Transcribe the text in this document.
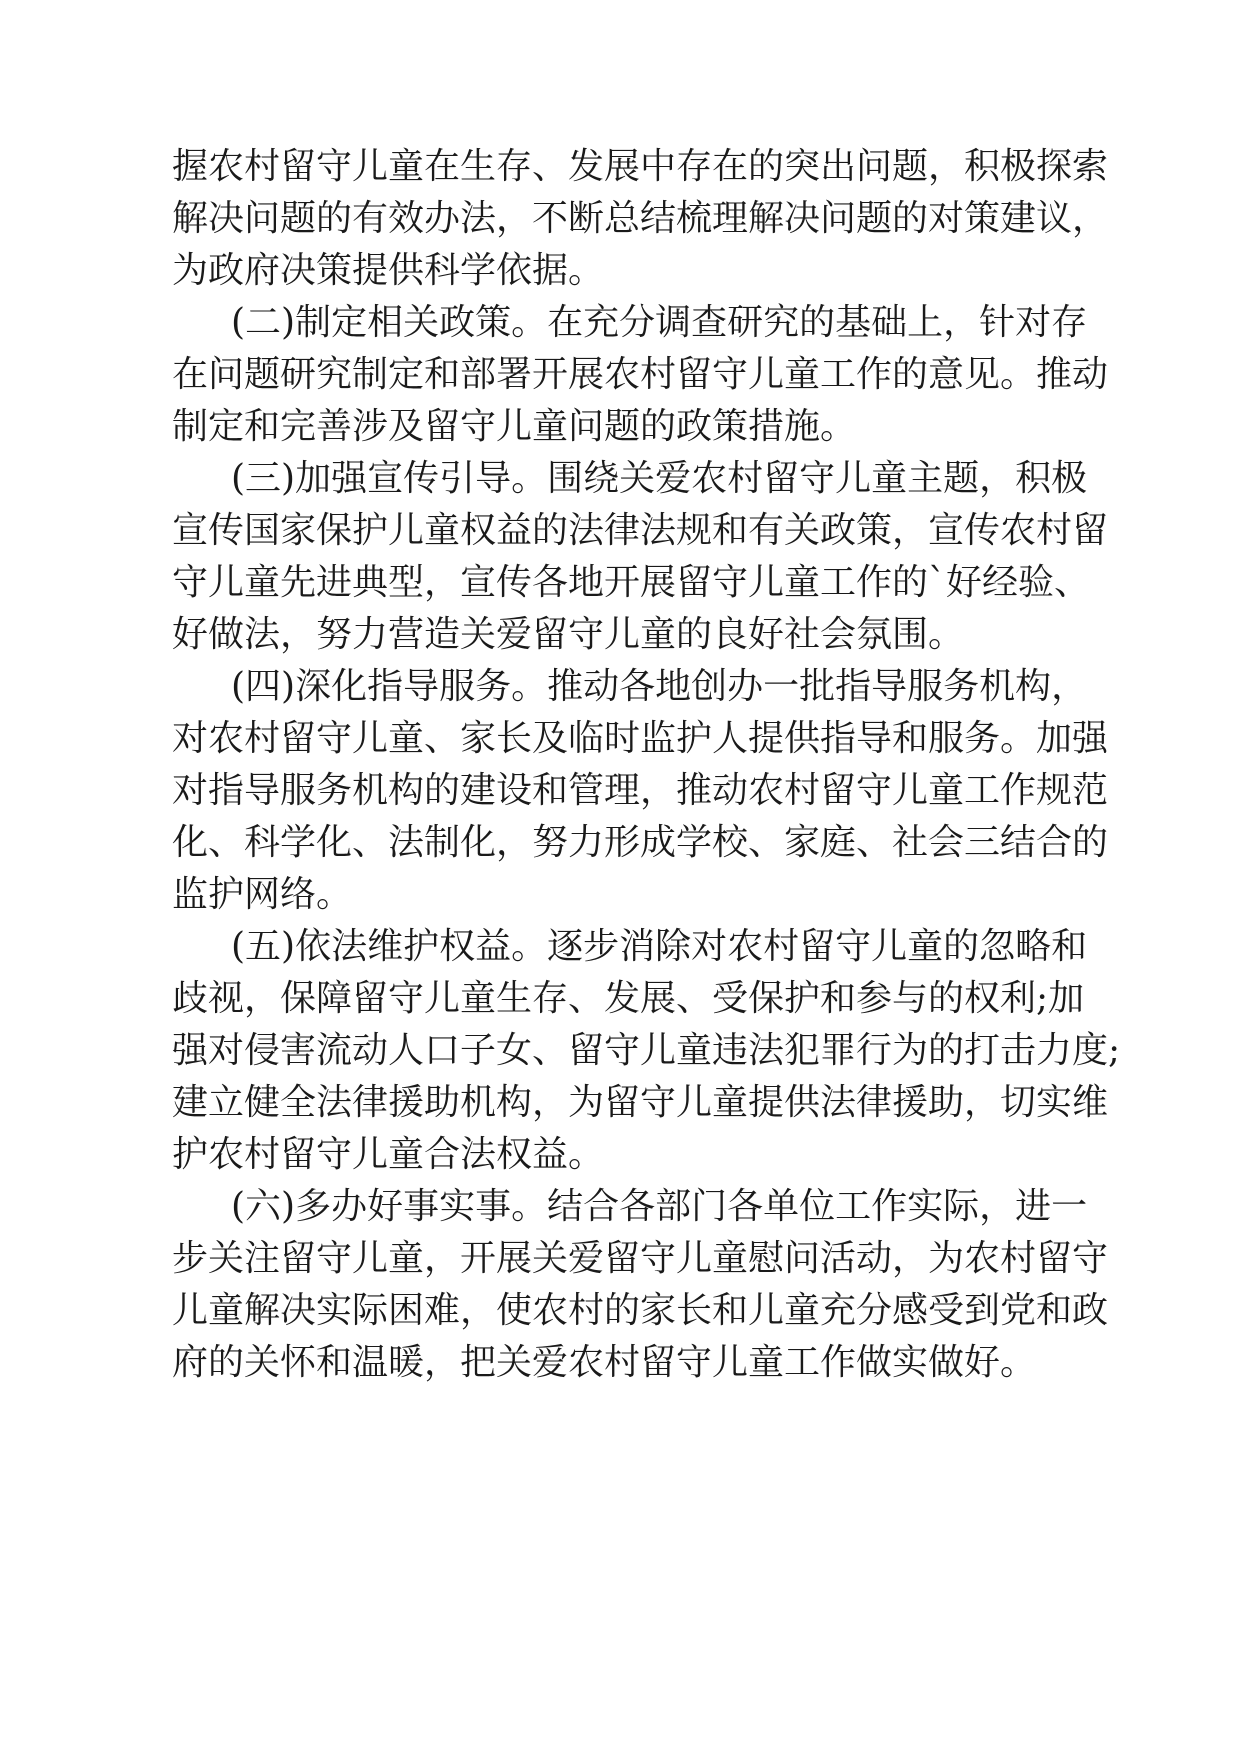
握农村留守儿童在生存、发展中存在的突出问题，积极探索
解决问题的有效办法，不断总结梳理解决问题的对策建议，
为政府决策提供科学依据。
(二)制定相关政策。在充分调查研究的基础上，针对存
在问题研究制定和部署开展农村留守儿童工作的意见。推动
制定和完善涉及留守儿童问题的政策措施。
(三)加强宣传引导。围绕关爱农村留守儿童主题，积极
宣传国家保护儿童权益的法律法规和有关政策，宣传农村留
守儿童先进典型，宣传各地开展留守儿童工作的`好经验、
好做法，努力营造关爱留守儿童的良好社会氛围。
(四)深化指导服务。推动各地创办一批指导服务机构，
对农村留守儿童、家长及临时监护人提供指导和服务。加强
对指导服务机构的建设和管理，推动农村留守儿童工作规范
化、科学化、法制化，努力形成学校、家庭、社会三结合的
监护网络。
(五)依法维护权益。逐步消除对农村留守儿童的忽略和
歧视，保障留守儿童生存、发展、受保护和参与的权利;加
强对侵害流动人口子女、留守儿童违法犯罪行为的打击力度;
建立健全法律援助机构，为留守儿童提供法律援助，切实维
护农村留守儿童合法权益。
(六)多办好事实事。结合各部门各单位工作实际，进一
步关注留守儿童，开展关爱留守儿童慰问活动，为农村留守
儿童解决实际困难，使农村的家长和儿童充分感受到党和政
府的关怀和温暖，把关爱农村留守儿童工作做实做好。
